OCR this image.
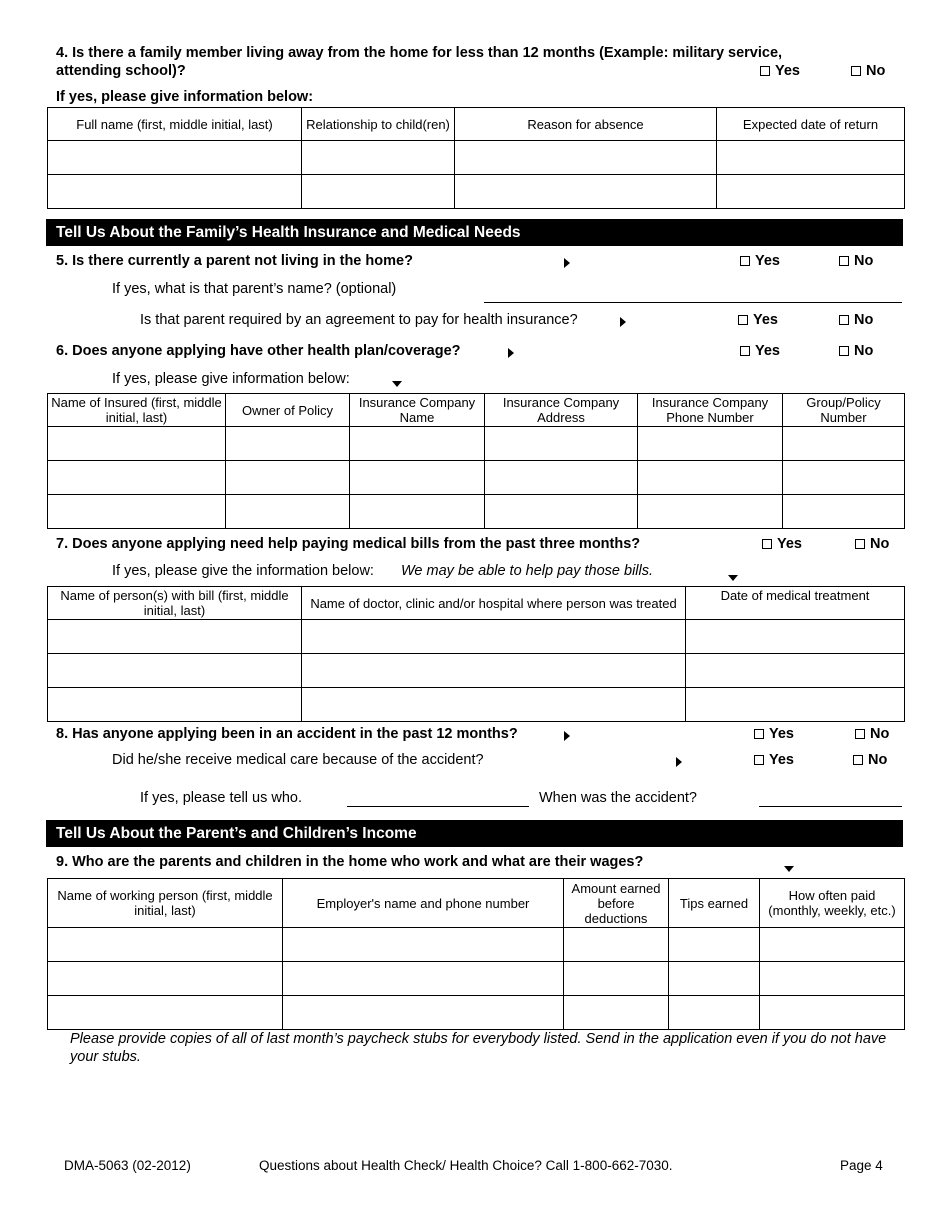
4. Is there a family member living away from the home for less than 12 months (Example: military service,
attending school)?	Yes	No
If yes, please give information below:
Full name (first, middle initial, last)	Relationship to child(ren)	Reason for absence	Expected date of return

Tell Us About the Family’s Health Insurance and Medical Needs
5. Is there currently a parent not living in the home?	Yes	No
If yes, what is that parent’s name? (optional)
Is that parent required by an agreement to pay for health insurance?	Yes	No
6. Does anyone applying have other health plan/coverage?	Yes	No
If yes, please give information below:
Name of Insured (first, middle initial, last)	Owner of Policy	Insurance Company Name	Insurance Company Address	Insurance Company Phone Number	Group/Policy Number

7. Does anyone applying need help paying medical bills from the past three months?	Yes	No
If yes, please give the information below: We may be able to help pay those bills.
Name of person(s) with bill (first, middle initial, last)	Name of doctor, clinic and/or hospital where person was treated	Date of medical treatment

8. Has anyone applying been in an accident in the past 12 months?	Yes	No
Did he/she receive medical care because of the accident?	Yes	No
If yes, please tell us who.	When was the accident?
Tell Us About the Parent’s and Children’s Income
9. Who are the parents and children in the home who work and what are their wages?
Name of working person (first, middle initial, last)	Employer's name and phone number	Amount earned before deductions	Tips earned	How often paid (monthly, weekly, etc.)

Please provide copies of all of last month’s paycheck stubs for everybody listed. Send in the application even if you do not have your stubs.
DMA-5063 (02-2012)	Questions about Health Check/ Health Choice? Call 1-800-662-7030.	Page 4
